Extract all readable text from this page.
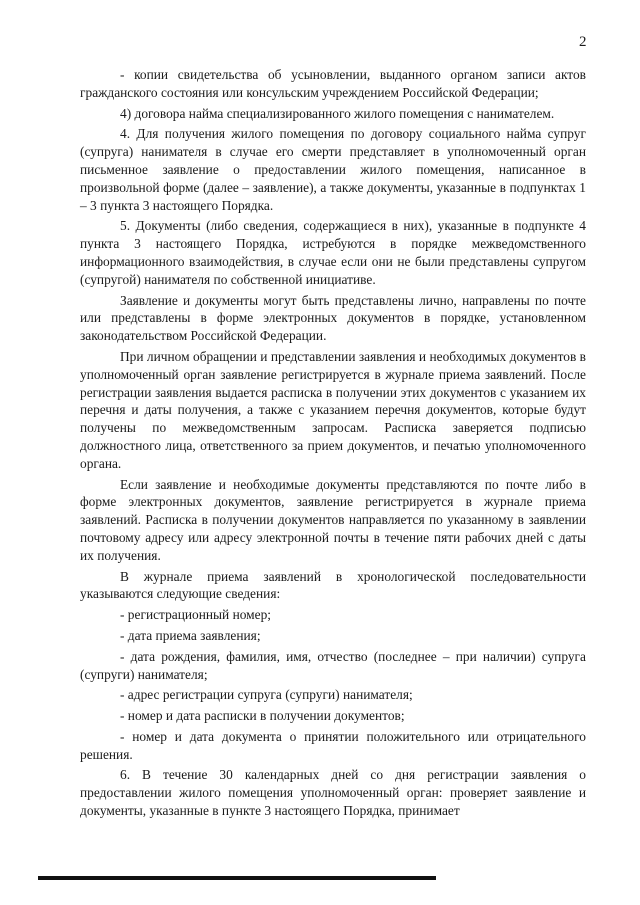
2

- копии свидетельства об усыновлении, выданного органом записи актов гражданского состояния или консульским учреждением Российской Федерации;

4) договора найма специализированного жилого помещения с нанимателем.

4. Для получения жилого помещения по договору социального найма супруг (супруга) нанимателя в случае его смерти представляет в уполномоченный орган письменное заявление о предоставлении жилого помещения, написанное в произвольной форме (далее – заявление), а также документы, указанные в подпунктах 1 – 3 пункта 3 настоящего Порядка.

5. Документы (либо сведения, содержащиеся в них), указанные в подпункте 4 пункта 3 настоящего Порядка, истребуются в порядке межведомственного информационного взаимодействия, в случае если они не были представлены супругом (супругой) нанимателя по собственной инициативе.

Заявление и документы могут быть представлены лично, направлены по почте или представлены в форме электронных документов в порядке, установленном законодательством Российской Федерации.

При личном обращении и представлении заявления и необходимых документов в уполномоченный орган заявление регистрируется в журнале приема заявлений. После регистрации заявления выдается расписка в получении этих документов с указанием их перечня и даты получения, а также с указанием перечня документов, которые будут получены по межведомственным запросам. Расписка заверяется подписью должностного лица, ответственного за прием документов, и печатью уполномоченного органа.

Если заявление и необходимые документы представляются по почте либо в форме электронных документов, заявление регистрируется в журнале приема заявлений. Расписка в получении документов направляется по указанному в заявлении почтовому адресу или адресу электронной почты в течение пяти рабочих дней с даты их получения.

В журнале приема заявлений в хронологической последовательности указываются следующие сведения:

- регистрационный номер;

- дата приема заявления;

- дата рождения, фамилия, имя, отчество (последнее – при наличии) супруга (супруги) нанимателя;

- адрес регистрации супруга (супруги) нанимателя;

- номер и дата расписки в получении документов;

- номер и дата документа о принятии положительного или отрицательного решения.

6. В течение 30 календарных дней со дня регистрации заявления о предоставлении жилого помещения уполномоченный орган: проверяет заявление и документы, указанные в пункте 3 настоящего Порядка, принимает
